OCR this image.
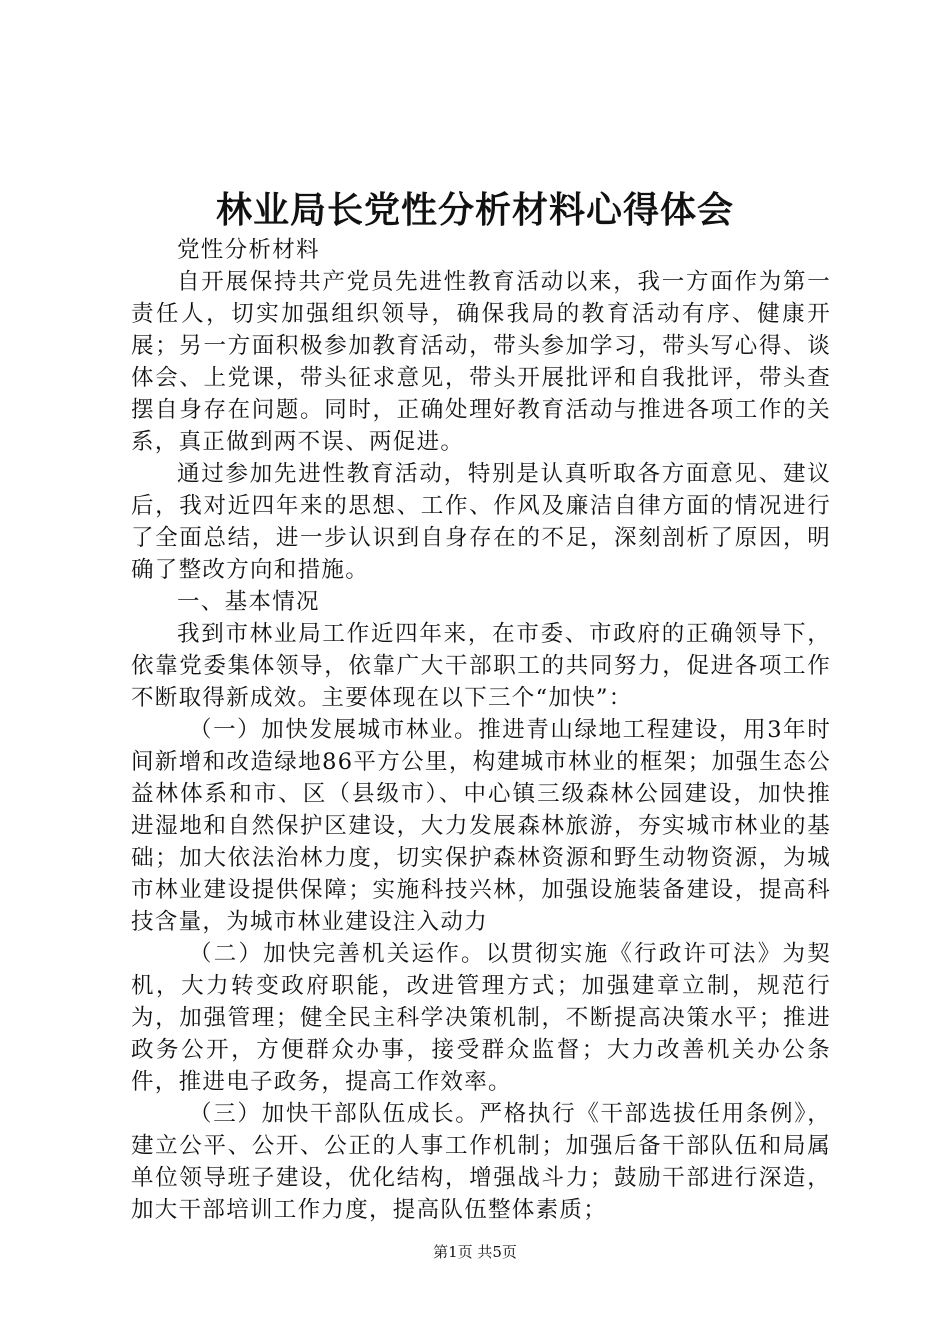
林业局长党性分析材料心得体会

党性分析材料

自开展保持共产党员先进性教育活动以来，我一方面作为第一责任人，切实加强组织领导，确保我局的教育活动有序、健康开展；另一方面积极参加教育活动，带头参加学习，带头写心得、谈体会、上党课，带头征求意见，带头开展批评和自我批评，带头查摆自身存在问题。同时，正确处理好教育活动与推进各项工作的关系，真正做到两不误、两促进。

通过参加先进性教育活动，特别是认真听取各方面意见、建议后，我对近四年来的思想、工作、作风及廉洁自律方面的情况进行了全面总结，进一步认识到自身存在的不足，深刻剖析了原因，明确了整改方向和措施。

一、基本情况

我到市林业局工作近四年来，在市委、市政府的正确领导下，依靠党委集体领导，依靠广大干部职工的共同努力，促进各项工作不断取得新成效。主要体现在以下三个“加快”：

（一）加快发展城市林业。推进青山绿地工程建设，用3年时间新增和改造绿地86平方公里，构建城市林业的框架；加强生态公益林体系和市、区（县级市）、中心镇三级森林公园建设，加快推进湿地和自然保护区建设，大力发展森林旅游，夯实城市林业的基础；加大依法治林力度，切实保护森林资源和野生动物资源，为城市林业建设提供保障；实施科技兴林，加强设施装备建设，提高科技含量，为城市林业建设注入动力

（二）加快完善机关运作。以贯彻实施《行政许可法》为契机，大力转变政府职能，改进管理方式；加强建章立制，规范行为，加强管理；健全民主科学决策机制，不断提高决策水平；推进政务公开，方便群众办事，接受群众监督；大力改善机关办公条件，推进电子政务，提高工作效率。

（三）加快干部队伍成长。严格执行《干部选拔任用条例》，建立公平、公开、公正的人事工作机制；加强后备干部队伍和局属单位领导班子建设，优化结构，增强战斗力；鼓励干部进行深造，加大干部培训工作力度，提高队伍整体素质；

第1页 共5页
